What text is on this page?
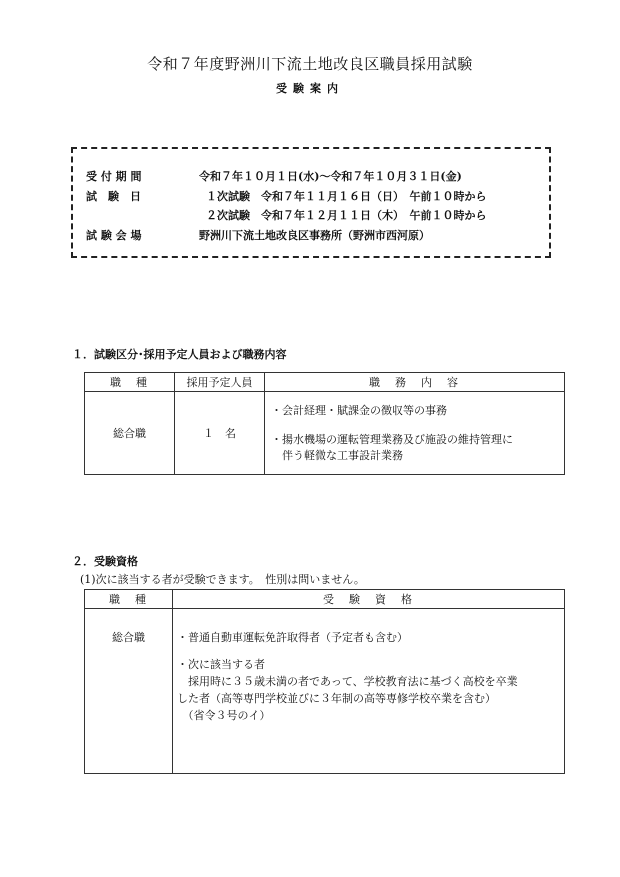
令和７年度野洲川下流土地改良区職員採用試験
受験案内
受 付 期 間	令和７年１０月１日(水)～令和７年１０月３１日(金)
試　験　日	１次試験　令和７年１１月１６日（日）　午前１０時から
２次試験　令和７年１２月１１日（木）　午前１０時から
試 験 会 場	野洲川下流土地改良区事務所（野洲市西河原）
１．試験区分･採用予定人員および職務内容
職　種	採用予定人員	職　務　内　容
総合職	１　名	・会計経理・賦課金の徴収等の事務

・揚水機場の運転管理業務及び施設の維持管理に

　伴う軽微な工事設計業務

２．受験資格
(1)次に該当する者が受験できます。　性別は問いません。
職　種	受　験　資　格
総合職	・普通自動車運転免許取得者（予定者も含む）

・次に該当する者

　採用時に３５歳未満の者であって、学校教育法に基づく高校を卒業

した者（高等専門学校並びに３年制の高等専修学校卒業を含む）

　（省令３号のイ）
